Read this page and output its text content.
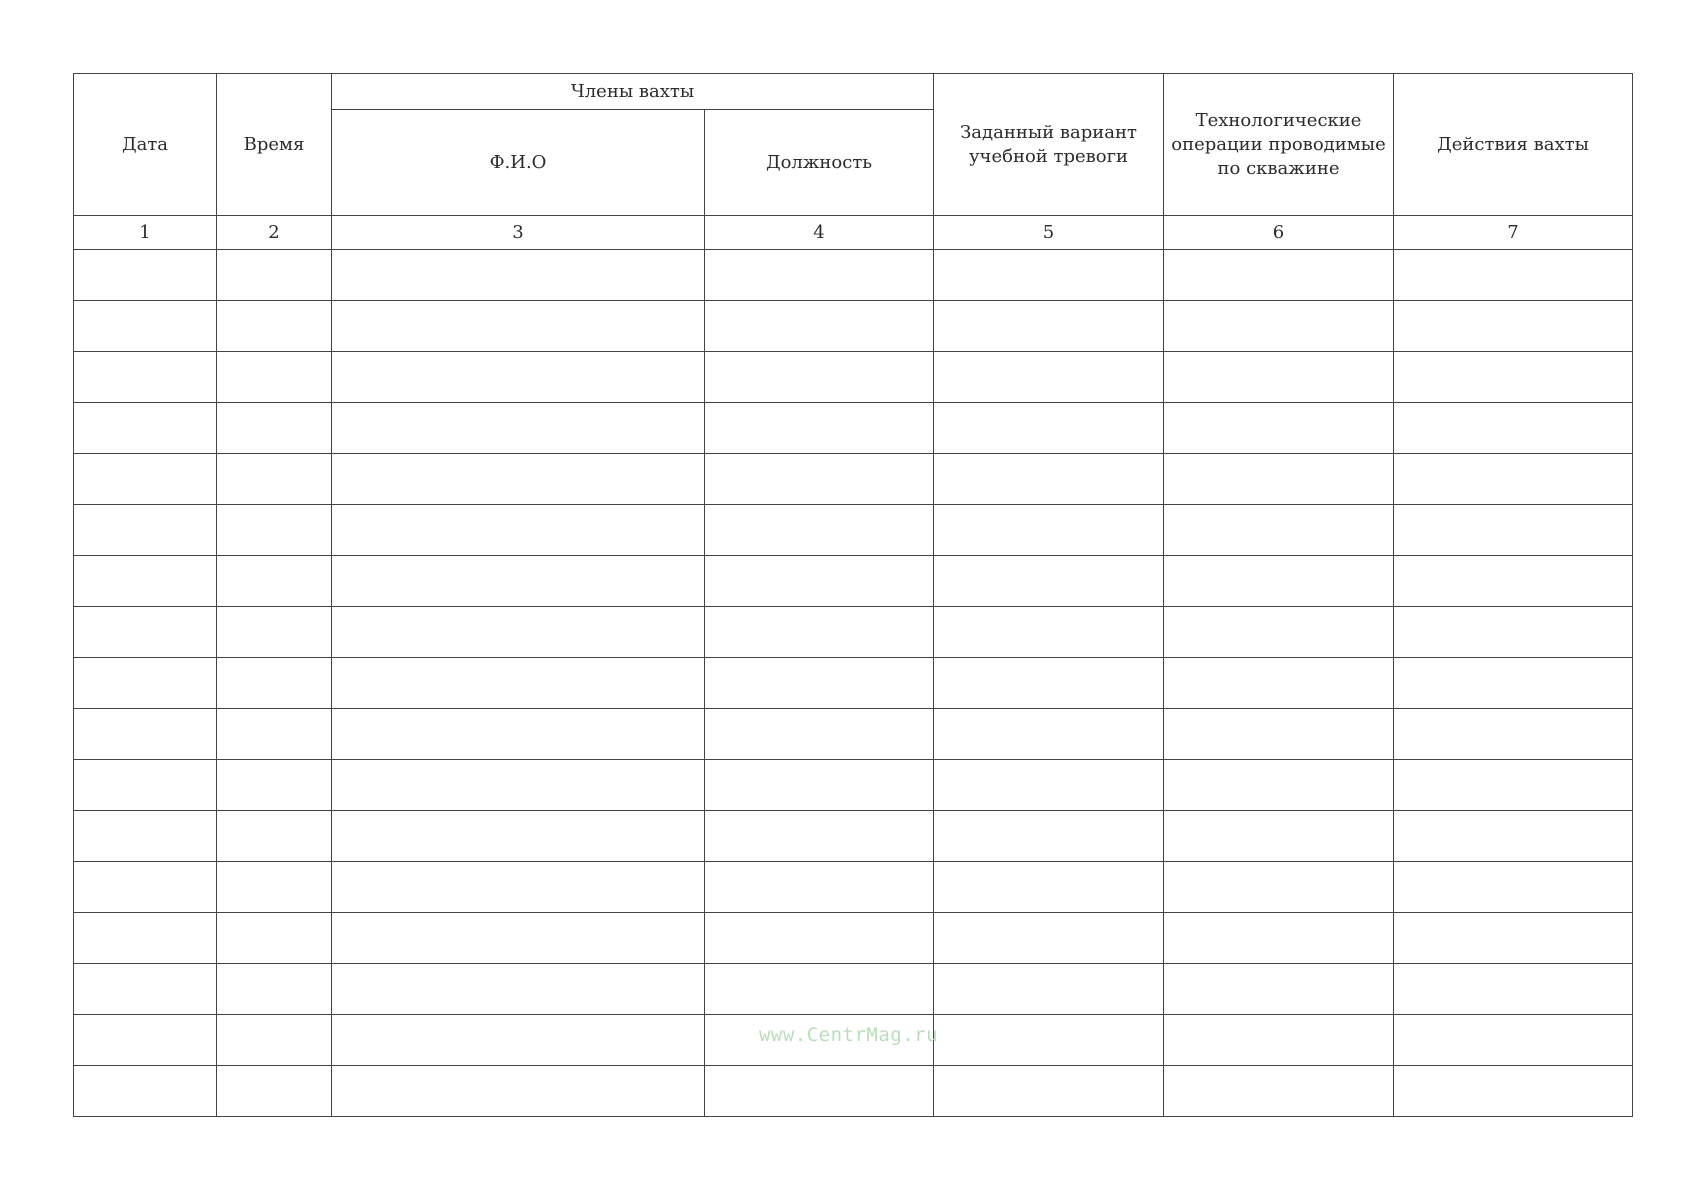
Дата	Время	Члены вахты		Заданный вариант учебной тревоги	Технологические операции проводимые по скважине	Действия вахты
		Ф.И.О	Должность			
1	2	3	4	5	6	7

www.CentrMag.ru
